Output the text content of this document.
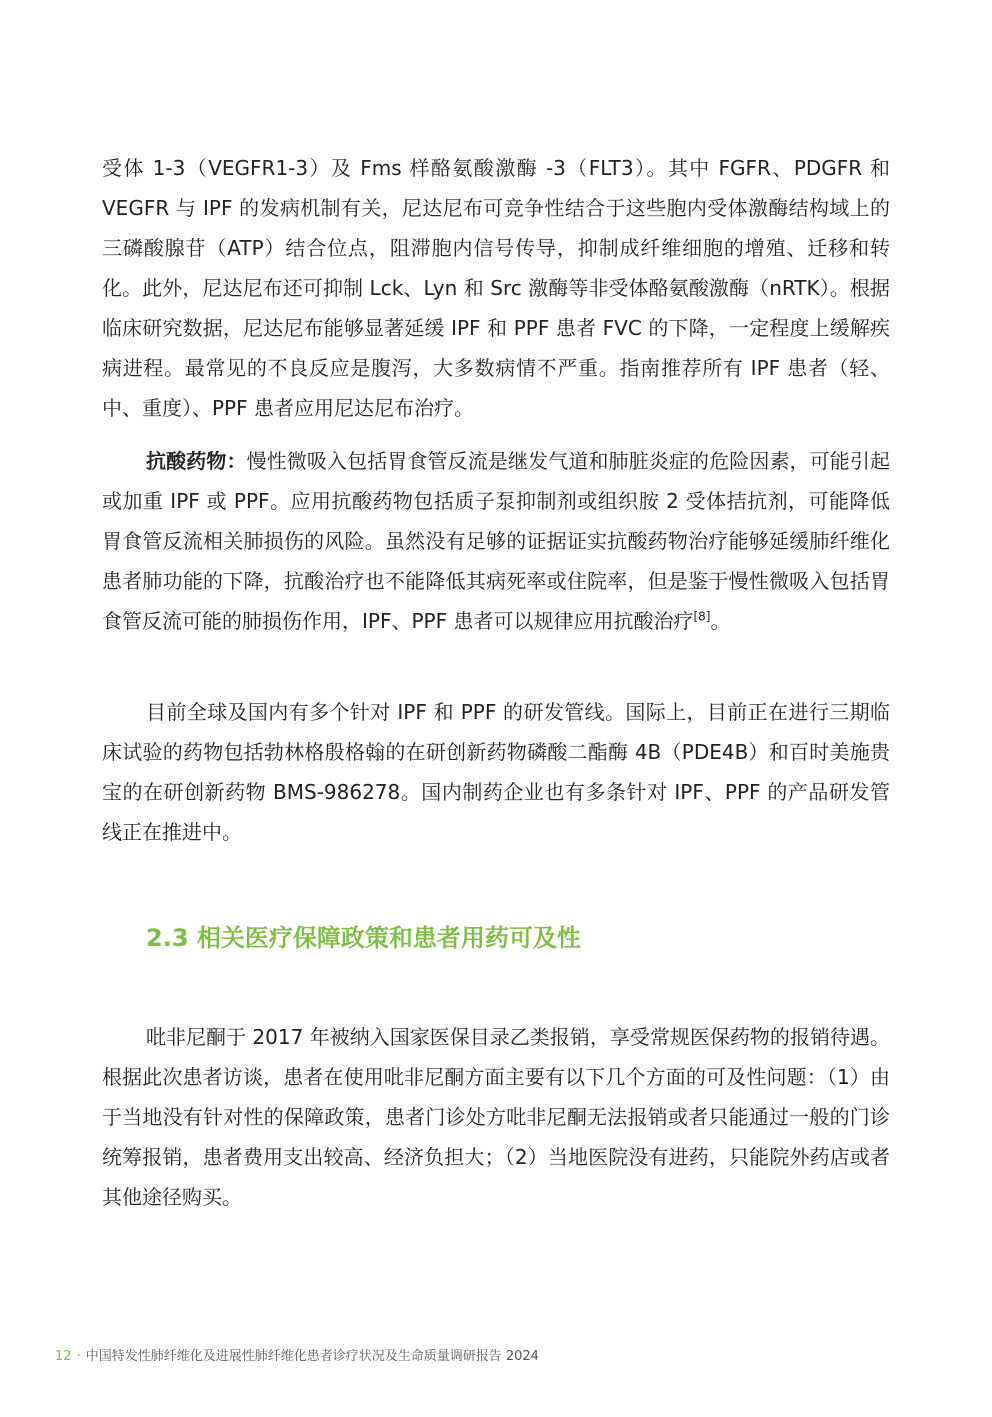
受体 1-3（VEGFR1-3）及 Fms 样酪氨酸激酶 -3（FLT3）。其中 FGFR、PDGFR 和 VEGFR 与 IPF 的发病机制有关，尼达尼布可竞争性结合于这些胞内受体激酶结构域上的三磷酸腺苷（ATP）结合位点，阻滞胞内信号传导，抑制成纤维细胞的增殖、迁移和转化。此外，尼达尼布还可抑制 Lck、Lyn 和 Src 激酶等非受体酪氨酸激酶（nRTK）。根据临床研究数据，尼达尼布能够显著延缓 IPF 和 PPF 患者 FVC 的下降，一定程度上缓解疾病进程。最常见的不良反应是腹泻，大多数病情不严重。指南推荐所有 IPF 患者（轻、中、重度）、PPF 患者应用尼达尼布治疗。

抗酸药物：慢性微吸入包括胃食管反流是继发气道和肺脏炎症的危险因素，可能引起或加重 IPF 或 PPF。应用抗酸药物包括质子泵抑制剂或组织胺 2 受体拮抗剂，可能降低胃食管反流相关肺损伤的风险。虽然没有足够的证据证实抗酸药物治疗能够延缓肺纤维化患者肺功能的下降，抗酸治疗也不能降低其病死率或住院率，但是鉴于慢性微吸入包括胃食管反流可能的肺损伤作用，IPF、PPF 患者可以规律应用抗酸治疗[8]。

目前全球及国内有多个针对 IPF 和 PPF 的研发管线。国际上，目前正在进行三期临床试验的药物包括勃林格殷格翰的在研创新药物磷酸二酯酶 4B（PDE4B）和百时美施贵宝的在研创新药物 BMS-986278。国内制药企业也有多条针对 IPF、PPF 的产品研发管线正在推进中。

2.3 相关医疗保障政策和患者用药可及性

吡非尼酮于 2017 年被纳入国家医保目录乙类报销，享受常规医保药物的报销待遇。根据此次患者访谈，患者在使用吡非尼酮方面主要有以下几个方面的可及性问题：（1）由于当地没有针对性的保障政策，患者门诊处方吡非尼酮无法报销或者只能通过一般的门诊统筹报销，患者费用支出较高、经济负担大；（2）当地医院没有进药，只能院外药店或者其他途径购买。

12 · 中国特发性肺纤维化及进展性肺纤维化患者诊疗状况及生命质量调研报告 2024
